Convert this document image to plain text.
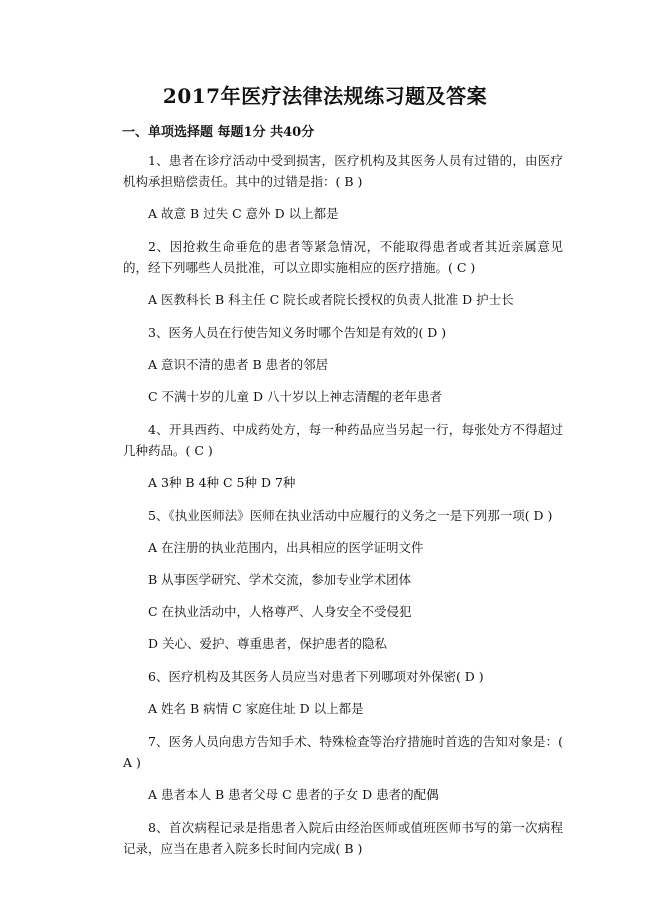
2017年医疗法律法规练习题及答案
一、单项选择题 每题1分 共40分

1、患者在诊疗活动中受到损害，医疗机构及其医务人员有过错的，由医疗机构承担赔偿责任。其中的过错是指：( B )

A 故意 B 过失 C 意外 D 以上都是

2、因抢救生命垂危的患者等紧急情况，不能取得患者或者其近亲属意见的，经下列哪些人员批准，可以立即实施相应的医疗措施。( C )

A 医教科长 B 科主任 C 院长或者院长授权的负责人批准 D 护士长

3、医务人员在行使告知义务时哪个告知是有效的( D )

A 意识不清的患者 B 患者的邻居

C 不满十岁的儿童 D 八十岁以上神志清醒的老年患者

4、开具西药、中成药处方，每一种药品应当另起一行，每张处方不得超过几种药品。( C )

A 3种 B 4种 C 5种 D 7种

5、《执业医师法》医师在执业活动中应履行的义务之一是下列那一项( D )

A 在注册的执业范围内，出具相应的医学证明文件

B 从事医学研究、学术交流，参加专业学术团体

C 在执业活动中，人格尊严、人身安全不受侵犯

D 关心、爱护、尊重患者，保护患者的隐私

6、医疗机构及其医务人员应当对患者下列哪项对外保密( D )

A 姓名 B 病情 C 家庭住址 D 以上都是

7、医务人员向患方告知手术、特殊检查等治疗措施时首选的告知对象是：( A )

A 患者本人 B 患者父母 C 患者的子女 D 患者的配偶

8、首次病程记录是指患者入院后由经治医师或值班医师书写的第一次病程记录，应当在患者入院多长时间内完成( B )
